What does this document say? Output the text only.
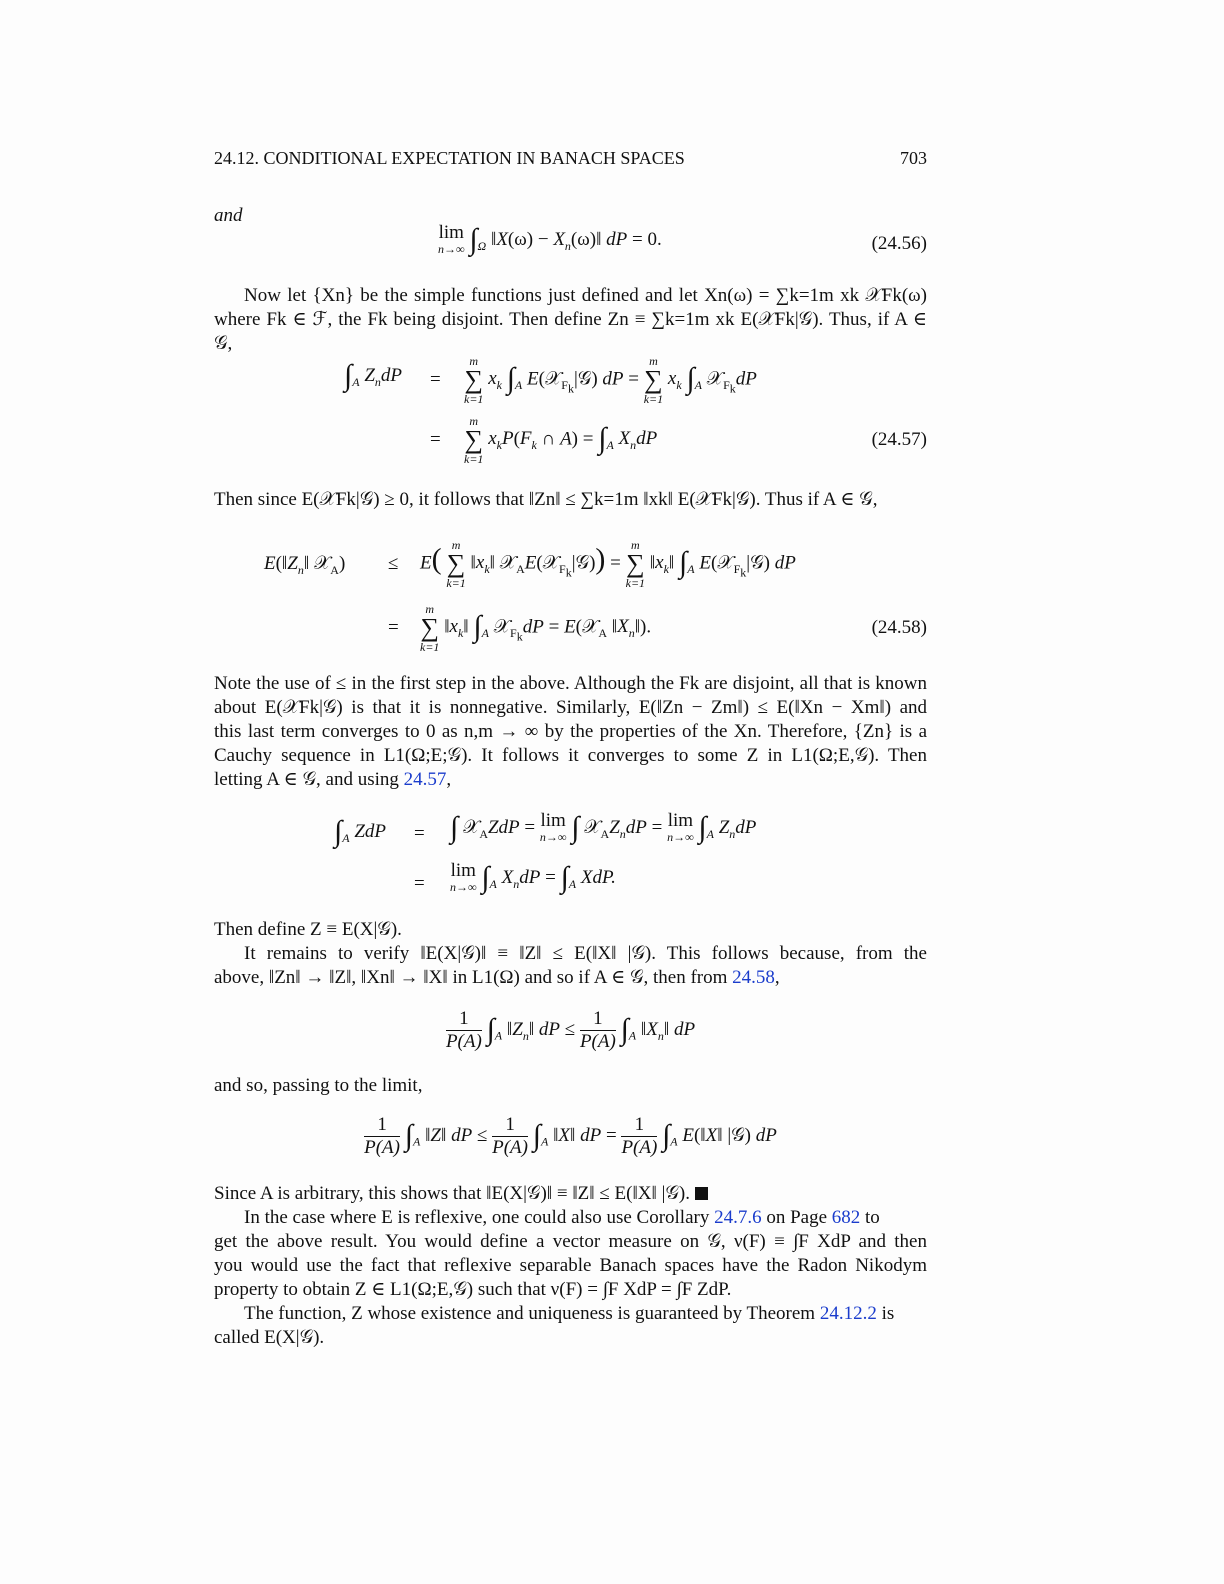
24.12. CONDITIONAL EXPECTATION IN BANACH SPACES	703
and
lim
n→∞ $\int_\Omega$ ‖X(ω) − $X_n(\omega)‖$ dP = 0.	(24.56)
Now let {Xn} be the simple functions just defined and let Xn(ω) = ∑k=1m xk 𝒳Fk(ω)
where Fk ∈ ℱ, the Fk being disjoint. Then define Zn ≡ ∑k=1m xk E(𝒳Fk|𝒢). Thus, if A ∈ 𝒢,
$\int_A$ $Z_ndP$ =
m
∑
k=1
$x_k$ $\int_A$ E(𝒳$_{F_k}$|𝒢) dP =
m
∑
k=1
$x_k$ $\int_A$ 𝒳$_{F_k}$dP
=
m
∑
k=1
$x_kP(F_k$ ∩ $A) = \int_A$ $X_ndP$	(24.57)
Then since E(𝒳Fk|𝒢) ≥ 0, it follows that ‖Zn‖ ≤ ∑k=1m ‖xk‖ E(𝒳Fk|𝒢). Thus if A ∈ 𝒢,
$E(‖Z_n‖$ 𝒳$_A$) ≤ E( m
∑
k=1
$‖x_k‖$ 𝒳$_A$E(𝒳$_{F_k}$|𝒢)) =
m
∑
k=1
$‖x_k‖$ $\int_A$ E(𝒳$_{F_k}$|𝒢) dP
=
m
∑
k=1
$‖x_k‖$ $\int_A$ 𝒳$_{F_k}$dP = E(𝒳$_A$ $‖X_n‖$).	(24.58)
Note the use of ≤ in the first step in the above. Although the Fk are disjoint, all that is known
about E(𝒳Fk|𝒢) is that it is nonnegative. Similarly, E(‖Zn − Zm‖) ≤ E(‖Xn − Xm‖) and
this last term converges to 0 as n,m → ∞ by the properties of the Xn. Therefore, {Zn} is a
Cauchy sequence in L1(Ω;E;𝒢). It follows it converges to some Z in L1(Ω;E,𝒢). Then
letting A ∈ 𝒢, and using 24.57,
$\int_A$ ZdP = ∫ 𝒳$_A$ZdP = lim
n→∞ ∫ $𝒳_AZ_ndP = \lim$
n→∞ $\int_A$ $Z_ndP$
=
lim
n→∞ $\int_A$ $X_ndP = \int_A$ XdP.
Then define Z ≡ E(X|𝒢).
It remains to verify ‖E(X|𝒢)‖ ≡ ‖Z‖ ≤ E(‖X‖ |𝒢). This follows because, from the
above, ‖Zn‖ → ‖Z‖, ‖Xn‖ → ‖X‖ in L1(Ω) and so if A ∈ 𝒢, then from 24.58,
$\frac{1}{P(A)} \int_A$ $‖Z_n‖$ dP ≤ $\frac{1}{P(A)} \int_A$ $‖X_n‖$ dP
and so, passing to the limit,
$\frac{1}{P(A)} \int_A$ ‖Z‖ dP ≤ $\frac{1}{P(A)} \int_A$ ‖X‖ dP = $\frac{1}{P(A)} \int_A$ E(‖X‖ |𝒢) dP
Since A is arbitrary, this shows that ‖E(X|𝒢)‖ ≡ ‖Z‖ ≤ E(‖X‖ |𝒢).
In the case where E is reflexive, one could also use Corollary 24.7.6 on Page 682 to
get the above result. You would define a vector measure on 𝒢, ν(F) ≡ ∫F XdP and then
you would use the fact that reflexive separable Banach spaces have the Radon Nikodym
property to obtain Z ∈ L1(Ω;E,𝒢) such that ν(F) = ∫F XdP = ∫F ZdP.
The function, Z whose existence and uniqueness is guaranteed by Theorem 24.12.2 is
called E(X|𝒢).
